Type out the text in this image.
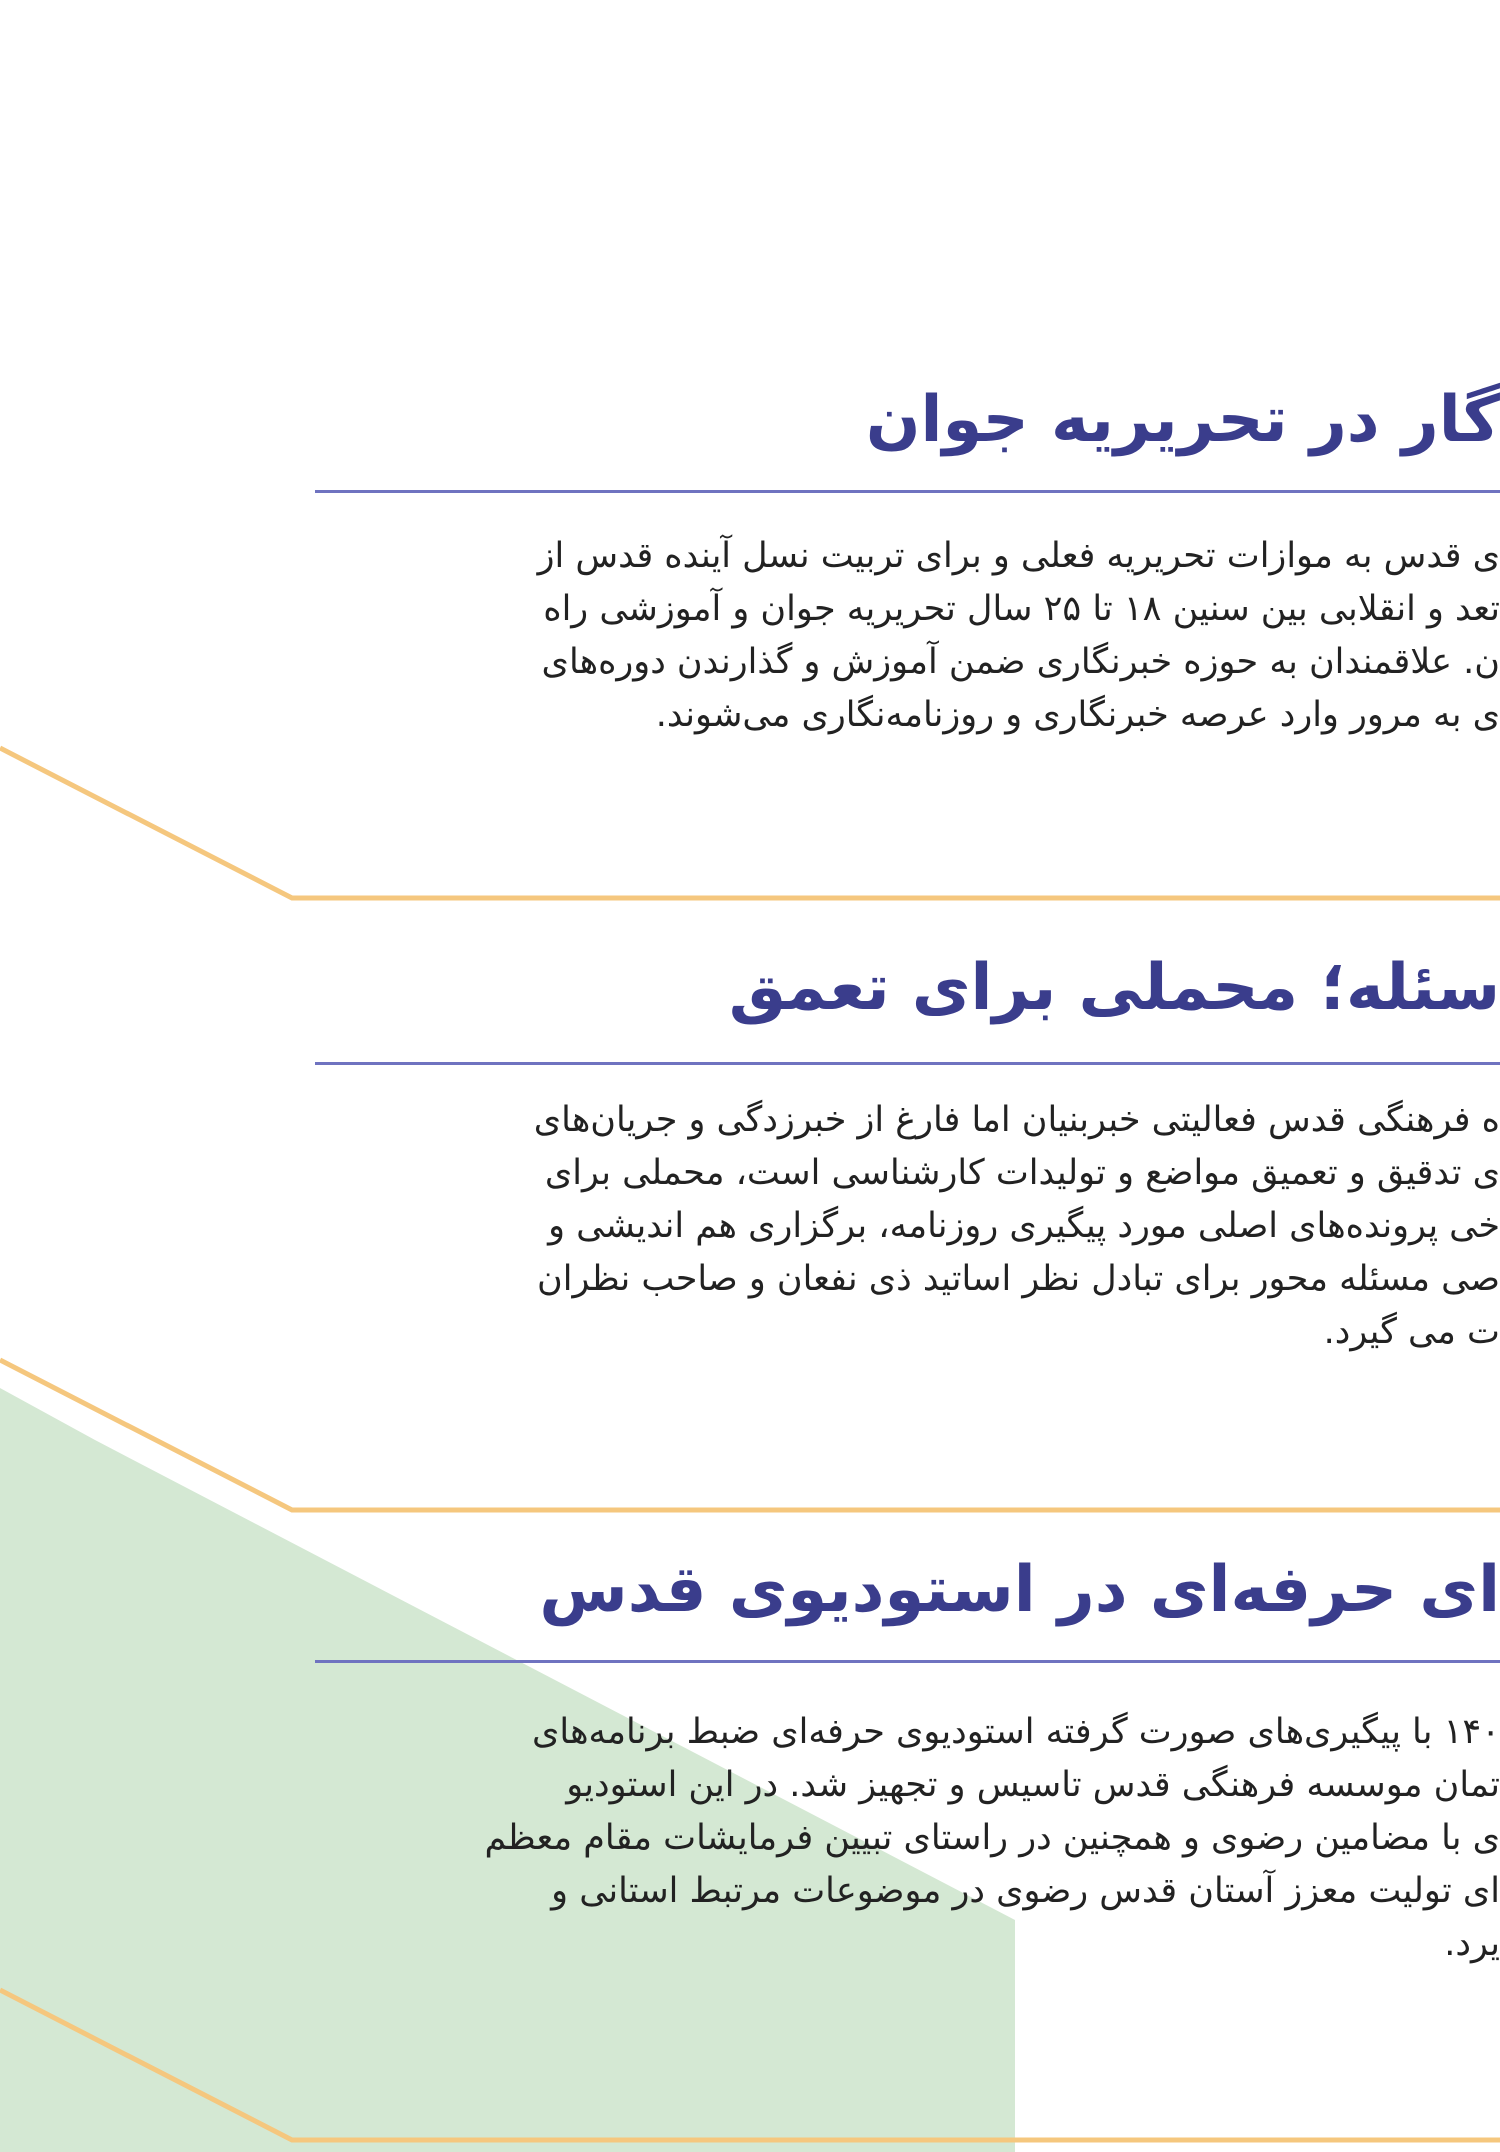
گار در تحریریه جوان
ی قدس به موازات تحریریه فعلی و برای تربیت نسل آینده قدس از
تعد و انقلابی بین سنین ۱۸ تا ۲۵ سال تحریریه جوان و آموزشی راه
ن. علاقمندان به حوزه خبرنگاری ضمن آموزش و گذارندن دوره‌های
ی به مرور وارد عرصه خبرنگاری و روزنامه‌نگاری می‌شوند.
سئله؛ محملی برای تعمق
ه فرهنگی قدس فعالیتی خبربنیان اما فارغ از خبرزدگی و جریان‌های
ی تدقیق و تعمیق مواضع و تولیدات کارشناسی است، محملی برای
خی پرونده‌های اصلی مورد پیگیری روزنامه، برگزاری هم اندیشی و
صی مسئله محور برای تبادل نظر اساتید ذی نفعان و صاحب نظران
ت می گیرد.
ای حرفه‌ای در استودیوی قدس
۱۴۰ با پیگیری‌های صورت گرفته استودیوی حرفه‌ای ضبط برنامه‌های
تمان موسسه فرهنگی قدس تاسیس و تجهیز شد. در این استودیو
ی با مضامین رضوی و همچنین در راستای تبیین فرمایشات مقام معظم
ای تولیت معزز آستان قدس رضوی در موضوعات مرتبط استانی و
یرد.
